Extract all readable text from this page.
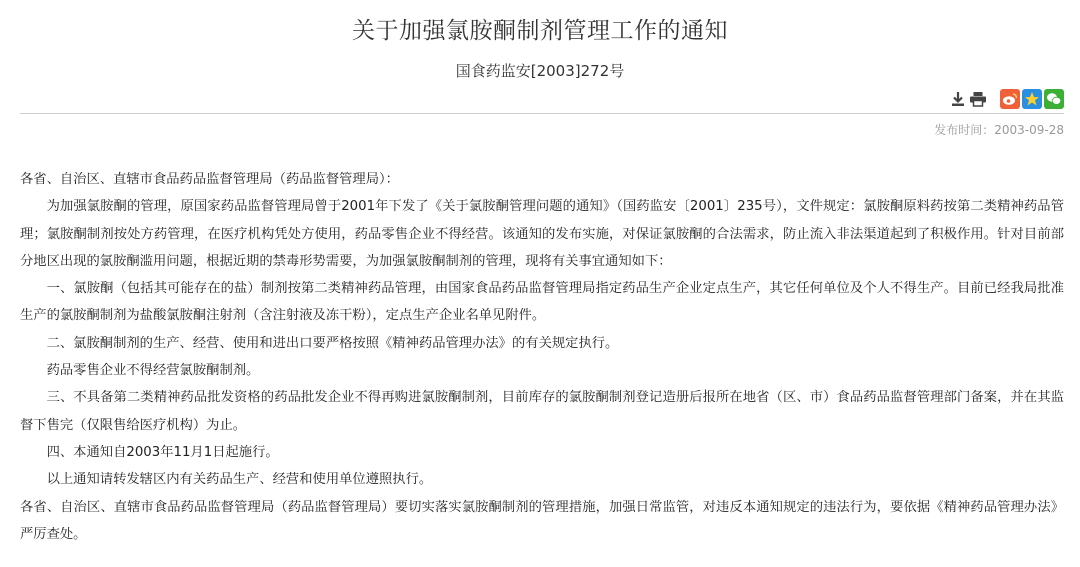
关于加强氯胺酮制剂管理工作的通知
国食药监安[2003]272号
发布时间：2003-09-28

各省、自治区、直辖市食品药品监督管理局（药品监督管理局）：

为加强氯胺酮的管理，原国家药品监督管理局曾于2001年下发了《关于氯胺酮管理问题的通知》（国药监安〔2001〕235号），文件规定：氯胺酮原料药按第二类精神药品管理；氯胺酮制剂按处方药管理，在医疗机构凭处方使用，药品零售企业不得经营。该通知的发布实施，对保证氯胺酮的合法需求，防止流入非法渠道起到了积极作用。针对目前部分地区出现的氯胺酮滥用问题，根据近期的禁毒形势需要，为加强氯胺酮制剂的管理，现将有关事宜通知如下：

一、氯胺酮（包括其可能存在的盐）制剂按第二类精神药品管理，由国家食品药品监督管理局指定药品生产企业定点生产，其它任何单位及个人不得生产。目前已经我局批准生产的氯胺酮制剂为盐酸氯胺酮注射剂（含注射液及冻干粉），定点生产企业名单见附件。

二、氯胺酮制剂的生产、经营、使用和进出口要严格按照《精神药品管理办法》的有关规定执行。

药品零售企业不得经营氯胺酮制剂。

三、不具备第二类精神药品批发资格的药品批发企业不得再购进氯胺酮制剂，目前库存的氯胺酮制剂登记造册后报所在地省（区、市）食品药品监督管理部门备案，并在其监督下售完（仅限售给医疗机构）为止。

四、本通知自2003年11月1日起施行。

以上通知请转发辖区内有关药品生产、经营和使用单位遵照执行。

各省、自治区、直辖市食品药品监督管理局（药品监督管理局）要切实落实氯胺酮制剂的管理措施，加强日常监管，对违反本通知规定的违法行为，要依据《精神药品管理办法》严厉查处。
